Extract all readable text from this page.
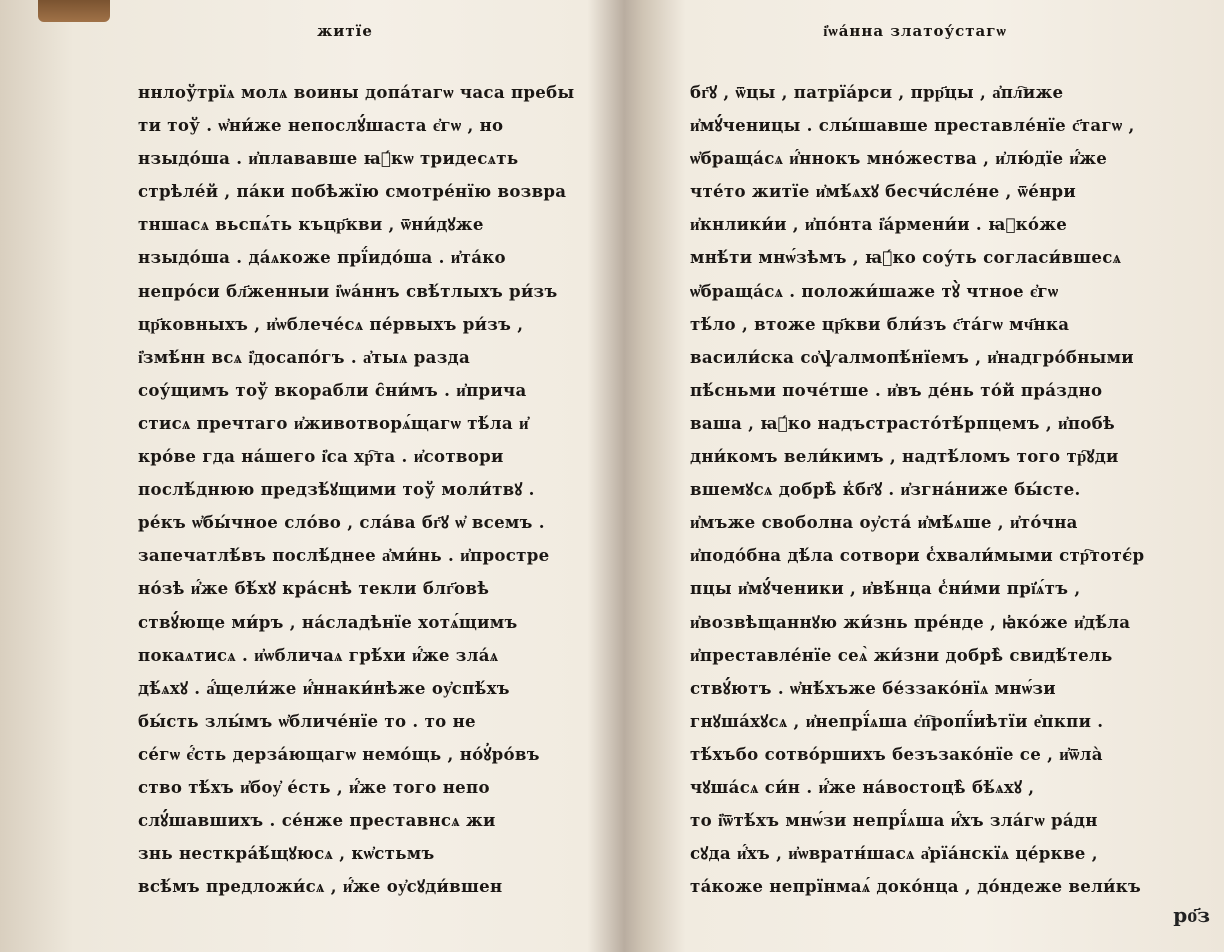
житїе
ннлоўтрїѧ молѧ воины допа́тагѡ часа пребы
ти тоў . ѡ҆ни́же непослꙋ́шаста є҆гѡ , но
нзыдо́ша . и҆плававше ꙗ҆́кѡ тридесѧть
стрѣле́й , па́ки побѣжїю смотре́нїю возвра
тншасѧ вьспѧ́ть къцр҃кви , ѿни́дꙋже
нзыдо́ша . да́ѧкоже прї́идо́ша . и҆та́ко
непро́си бл҃женныи і҆ѡа́ннъ свѣ́тлыхъ ри́зъ
цр҃ковныхъ , и҆ѡблече́сѧ пе́рвыхъ ри́зъ ,
і҆змѣ́нн всѧ і҆досапо́гъ . а҆тыѧ разда
соу́щимъ тоў вкорабли с̑ни́мъ . и҆прича
стисѧ пречтаго и҆животворѧ́щагѡ тѣ́ла и҆
кро́ве гда на́шего і҆са хр҇та . и҆сотвори
послѣ́днюю предзѣ́ꙋщими тоў моли́твꙋ .
ре́къ ѡ҆бы́чное сло́во , сла́ва бг҃ꙋ ѡ҆ всемъ .
запечатлѣ́въ послѣ́днее а҆ми́нь . и҆простре
но́зѣ и҆́же бѣ́хꙋ кра́снѣ текли блг҃овѣ
ствꙋ́юще ми́ръ , на́сладѣнїе хотѧ́щимъ
покаѧтисѧ . и҆ѡбличаѧ грѣ́хи и҆́же зла́ѧ
дѣ́ѧхꙋ . а҆́щели́же и҆́ннаки́нѣже оу҆спѣ́хъ
бы́сть злы́мъ ѡ҆бличе́нїе то . то не
се́гѡ є҆́сть дерза́ющагѡ немо́щь , но́ꙋ҆ро́въ
ство тѣ́хъ и҆боу҆ е́сть , и҆́же того непо
слꙋ́шавшихъ . се́нже преставнсѧ жи
знь несткра́ѣ́щꙋюсѧ , кѡ҆стьмъ
всѣ́мъ предложи́сѧ , и҆́же оу҆сꙋди́вшен
і҆ѡа́нна златоу́стагѡ
бг҃ꙋ , ѿцы , патрїа́рси , прр҃цы , а҆пл҇иже
и҆мꙋ́ченицы . слы́шавше преставле́нїе с҃тагѡ ,
ѡ҆браща́сѧ и҆́ннокъ мно́жества , и҆лю́дїе и҆́же
чте́то житїе и҆мѣ́ѧхꙋ бесчи́сле́не , ѿе́нри
и҆кнлики́и , и҆по́нта і҆а́рмени́и . ꙗ҆ко́же
мнѣ́ти мнѡ́зѣмъ , ꙗ҆́ко соу́ть согласи́вшесѧ
ѡ҆браща́сѧ . положи́шаже тꙋ̀ чтное є҆гѡ
тѣ́ло , втоже цр҃кви бли́зъ с҃та́гѡ мч҃нка
васили́ска со҆ѱалмопѣ́нїемъ , и҆надгро́бными
пѣ́сньми поче́тше . и҆въ де́нь то́й пра́здно
ваша , ꙗ҆́ко надъстрасто́тѣ́рпцемъ , и҆побѣ
дни́комъ вели́кимъ , надтѣ́ломъ того тр҇ꙋди
вшемꙋсѧ добрѣ̀ к̾бг҃ꙋ . и҆згна́ниже бы́сте.
и҆мъже своболна оу҆ста́ и҆мѣ́ѧше , и҆то́чна
и҆подо́бна дѣ́ла сотвори с̾хвали́мыми стр҇тотє́р
пцы и҆мꙋ́ченики , и҆вѣ́нца с̾ни́ми прї҆ѧ́тъ ,
и҆возвѣщаннꙋю жи́знь пре́нде , ꙗ҆ко́же и҆дѣ́ла
и҆преставле́нїе сеѧ̀ жи́зни добрѣ̀ свидѣ́тель
ствꙋ́ютъ . ѡ҆нѣ́хъже бе́ззако́нїѧ мнѡ́зи
гнꙋша́хꙋсѧ , и҆непрї́ѧша є҆п҇ропї́иѣтїи е҆пкпи .
тѣ́хъбо сотво́ршихъ безъзако́нїе се , и҆ѿла̀
чꙋша́сѧ си́н . и҆́же на́востоцѣ̀ бѣ́ѧхꙋ ,
то і҆ѿтѣ́хъ мнѡ́зи непрї́ѧша и҆́хъ зла́гѡ ра́дн
сꙋда и҆́хъ , и҆ѡвратн́шасѧ а҆рїа́нскїѧ це́ркве ,
та́коже непрїнмаѧ́ доко́нца , до́ндеже вели́къ
ро҃з
